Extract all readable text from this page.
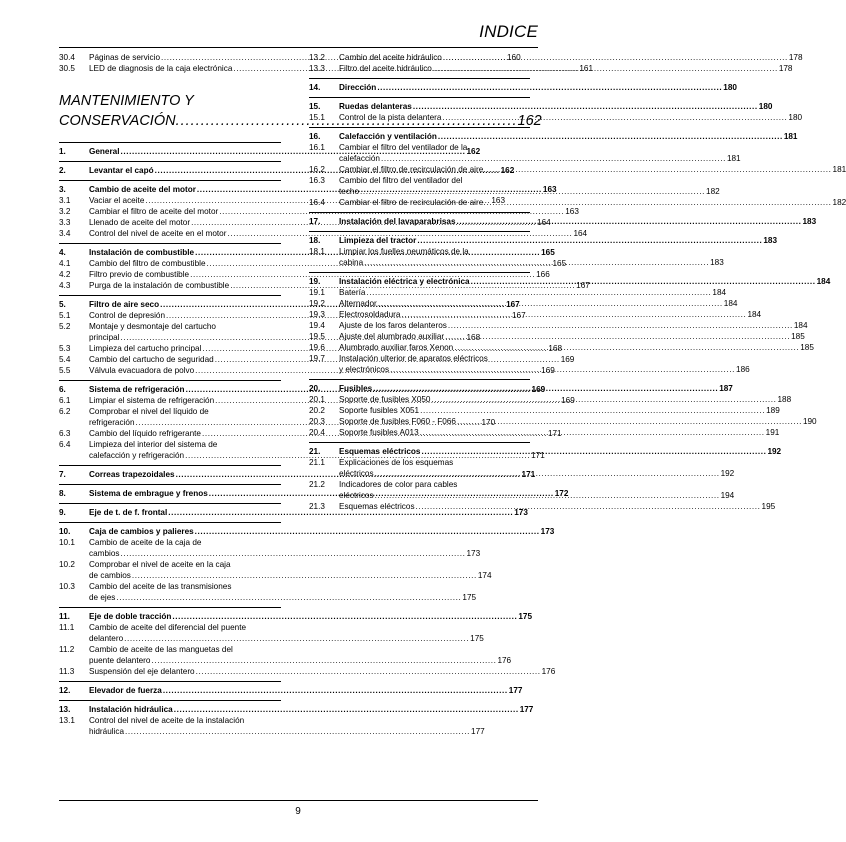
INDICE
30.4	Páginas de servicio .....	160
30.5	LED de diagnosis de la caja electrónica .....	161
MANTENIMIENTO Y
CONSERVACIÓN .....	162
1.	General .....	162
2.	Levantar el capó .....	162
3.	Cambio de aceite del motor .....	163
3.1	Vaciar el aceite .....	163
3.2	Cambiar el filtro de aceite del motor .....	163
3.3	Llenado de aceite del motor .....	164
3.4	Control del nivel de aceite en el motor .....	164
4.	Instalación de combustible .....	165
4.1	Cambio del filtro de combustible .....	165
4.2	Filtro previo de combustible .....	166
4.3	Purga de la instalación de combustible .....	167
5.	Filtro de aire seco .....	167
5.1	Control de depresión .....	167
5.2	Montaje y desmontaje del cartucho
principal .....	168
5.3	Limpieza del cartucho principal .....	168
5.4	Cambio del cartucho de seguridad .....	169
5.5	Válvula evacuadora de polvo .....	169
6.	Sistema de refrigeración .....	169
6.1	Limpiar el sistema de refrigeración .....	169
6.2	Comprobar el nivel del líquido de
refrigeración .....	170
6.3	Cambio del líquido refrigerante .....	171
6.4	Limpieza del interior del sistema de
calefacción y refrigeración .....	171
7.	Correas trapezoidales .....	171
8.	Sistema de embrague y frenos .....	172
9.	Eje de t. de f. frontal .....	173
10.	Caja de cambios y palieres .....	173
10.1	Cambio de aceite de la caja de
cambios .....	173
10.2	Comprobar el nivel de aceite en la caja
de cambios .....	174
10.3	Cambio del aceite de las transmisiones
de ejes .....	175
11.	Eje de doble tracción .....	175
11.1	Cambio de aceite del diferencial del puente
delantero .....	175
11.2	Cambio de aceite de las manguetas del
puente delantero .....	176
11.3	Suspensión del eje delantero .....	176
12.	Elevador de fuerza .....	177
13.	Instalación hidráulica .....	177
13.1	Control del nivel de aceite de la instalación
hidráulica .....	177
13.2	Cambio del aceite hidráulico .....	178
13.3	Filtro del aceite hidráulico .....	178
14.	Dirección .....	180
15.	Ruedas delanteras .....	180
15.1	Control de la pista delantera .....	180
16.	Calefacción y ventilación .....	181
16.1	Cambiar el filtro del ventilador de la
calefacción .....	181
16.2	Cambiar el filtro de recirculación de aire. .....	181
16.3	Cambio del filtro del ventilador del
techo .....	182
16.4	Cambiar el filtro de recirculación de aire. .....	182
17.	Instalación del lavaparabrisas .....	183
18.	Limpieza del tractor .....	183
18.1	Limpiar los fuelles neumáticos de la
cabina .....	183
19.	Instalación eléctrica y electrónica .....	184
19.1	Batería .....	184
19.2	Alternador .....	184
19.3	Electrosoldadura .....	184
19.4	Ajuste de los faros delanteros .....	184
19.5	Ajuste del alumbrado auxiliar .....	185
19.6	Alumbrado auxiliar faros Xenon .....	185
19.7	Instalación ulterior de aparatos eléctricos
y electrónicos .....	186
20.	Fusibles .....	187
20.1	Soporte de fusibles X050 .....	188
20.2	Soporte fusibles X051 .....	189
20.3	Soporte de fusibles F060 - F066 .....	190
20.4	Soporte fusibles A013 .....	191
21.	Esquemas eléctricos .....	192
21.1	Explicaciones de los esquemas
eléctricos .....	192
21.2	Indicadores de color para cables
eléctricos .....	194
21.3	Esquemas eléctricos .....	195
9
